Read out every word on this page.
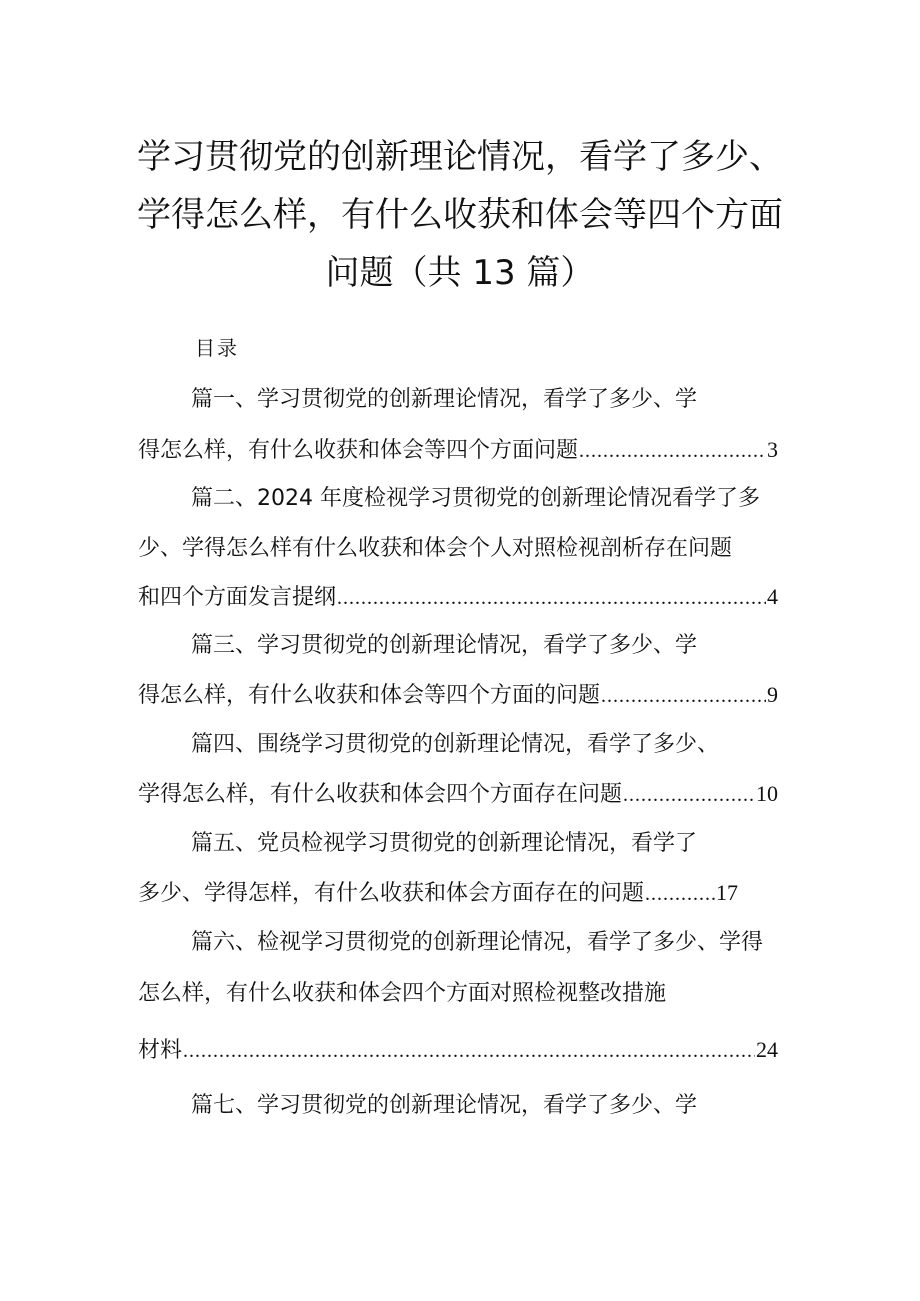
学习贯彻党的创新理论情况，看学了多少、
学得怎么样，有什么收获和体会等四个方面
问题（共 13 篇）
目录
篇一、学习贯彻党的创新理论情况，看学了多少、学
得怎么样，有什么收获和体会等四个方面问题 .....	3
篇二、2024 年度检视学习贯彻党的创新理论情况看学了多
少、学得怎么样有什么收获和体会个人对照检视剖析存在问题
和四个方面发言提纲 .....	4
篇三、学习贯彻党的创新理论情况，看学了多少、学
得怎么样，有什么收获和体会等四个方面的问题 .....	9
篇四、围绕学习贯彻党的创新理论情况，看学了多少、
学得怎么样，有什么收获和体会四个方面存在问题 .....	10
篇五、党员检视学习贯彻党的创新理论情况，看学了
多少、学得怎样，有什么收获和体会方面存在的问题 .....	17
篇六、检视学习贯彻党的创新理论情况，看学了多少、学得
怎么样，有什么收获和体会四个方面对照检视整改措施
材料 .....	24
篇七、学习贯彻党的创新理论情况，看学了多少、学
